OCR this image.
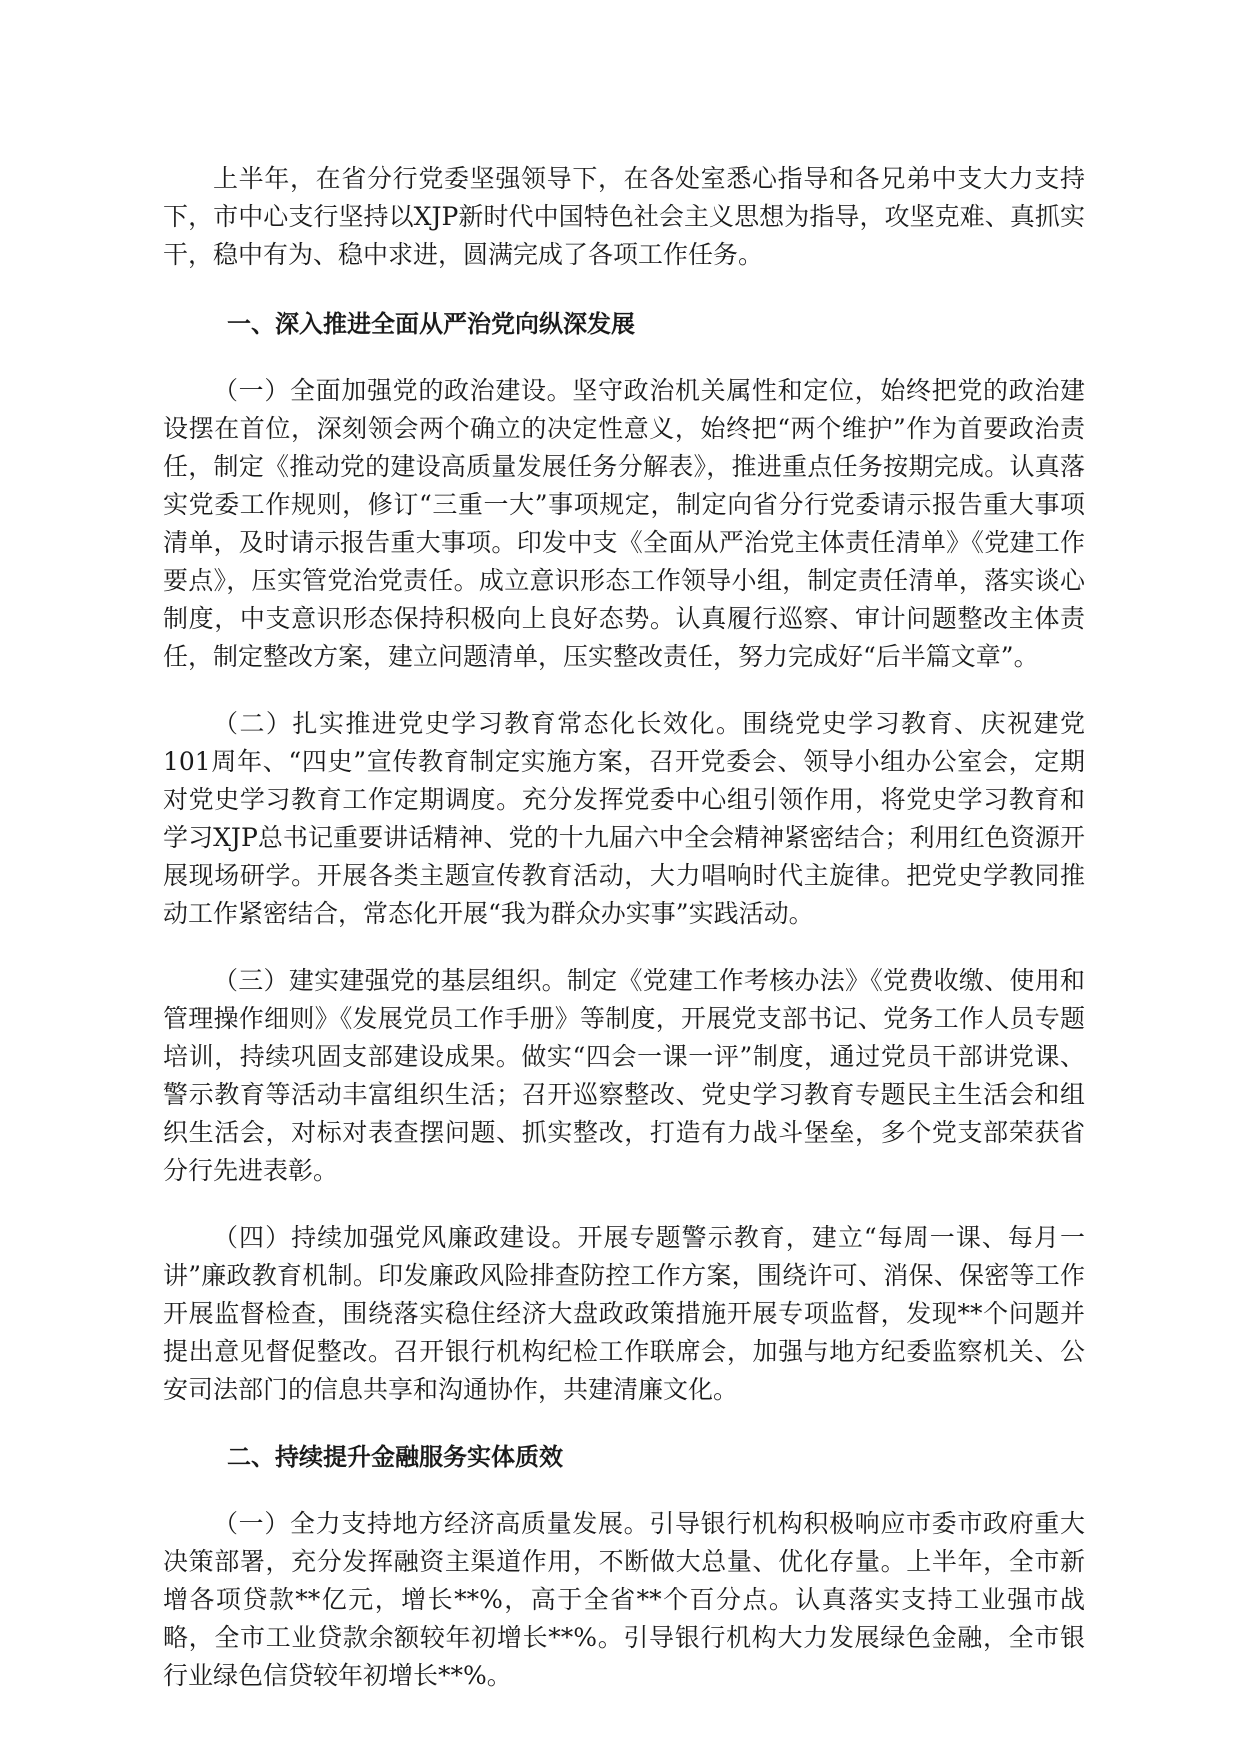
上半年，在省分行党委坚强领导下，在各处室悉心指导和各兄弟中支大力支持下，市中心支行坚持以XJP新时代中国特色社会主义思想为指导，攻坚克难、真抓实干，稳中有为、稳中求进，圆满完成了各项工作任务。

一、深入推进全面从严治党向纵深发展

（一）全面加强党的政治建设。坚守政治机关属性和定位，始终把党的政治建设摆在首位，深刻领会两个确立的决定性意义，始终把“两个维护”作为首要政治责任，制定《推动党的建设高质量发展任务分解表》，推进重点任务按期完成。认真落实党委工作规则，修订“三重一大”事项规定，制定向省分行党委请示报告重大事项清单，及时请示报告重大事项。印发中支《全面从严治党主体责任清单》《党建工作要点》，压实管党治党责任。成立意识形态工作领导小组，制定责任清单，落实谈心制度，中支意识形态保持积极向上良好态势。认真履行巡察、审计问题整改主体责任，制定整改方案，建立问题清单，压实整改责任，努力完成好“后半篇文章”。

（二）扎实推进党史学习教育常态化长效化。围绕党史学习教育、庆祝建党101周年、“四史”宣传教育制定实施方案，召开党委会、领导小组办公室会，定期对党史学习教育工作定期调度。充分发挥党委中心组引领作用，将党史学习教育和学习XJP总书记重要讲话精神、党的十九届六中全会精神紧密结合；利用红色资源开展现场研学。开展各类主题宣传教育活动，大力唱响时代主旋律。把党史学教同推动工作紧密结合，常态化开展“我为群众办实事”实践活动。

（三）建实建强党的基层组织。制定《党建工作考核办法》《党费收缴、使用和管理操作细则》《发展党员工作手册》等制度，开展党支部书记、党务工作人员专题培训，持续巩固支部建设成果。做实“四会一课一评”制度，通过党员干部讲党课、警示教育等活动丰富组织生活；召开巡察整改、党史学习教育专题民主生活会和组织生活会，对标对表查摆问题、抓实整改，打造有力战斗堡垒，多个党支部荣获省分行先进表彰。

（四）持续加强党风廉政建设。开展专题警示教育，建立“每周一课、每月一讲”廉政教育机制。印发廉政风险排查防控工作方案，围绕许可、消保、保密等工作开展监督检查，围绕落实稳住经济大盘政政策措施开展专项监督，发现**个问题并提出意见督促整改。召开银行机构纪检工作联席会，加强与地方纪委监察机关、公安司法部门的信息共享和沟通协作，共建清廉文化。

二、持续提升金融服务实体质效

（一）全力支持地方经济高质量发展。引导银行机构积极响应市委市政府重大决策部署，充分发挥融资主渠道作用，不断做大总量、优化存量。上半年，全市新增各项贷款**亿元，增长**%，高于全省**个百分点。认真落实支持工业强市战略，全市工业贷款余额较年初增长**%。引导银行机构大力发展绿色金融，全市银行业绿色信贷较年初增长**%。
